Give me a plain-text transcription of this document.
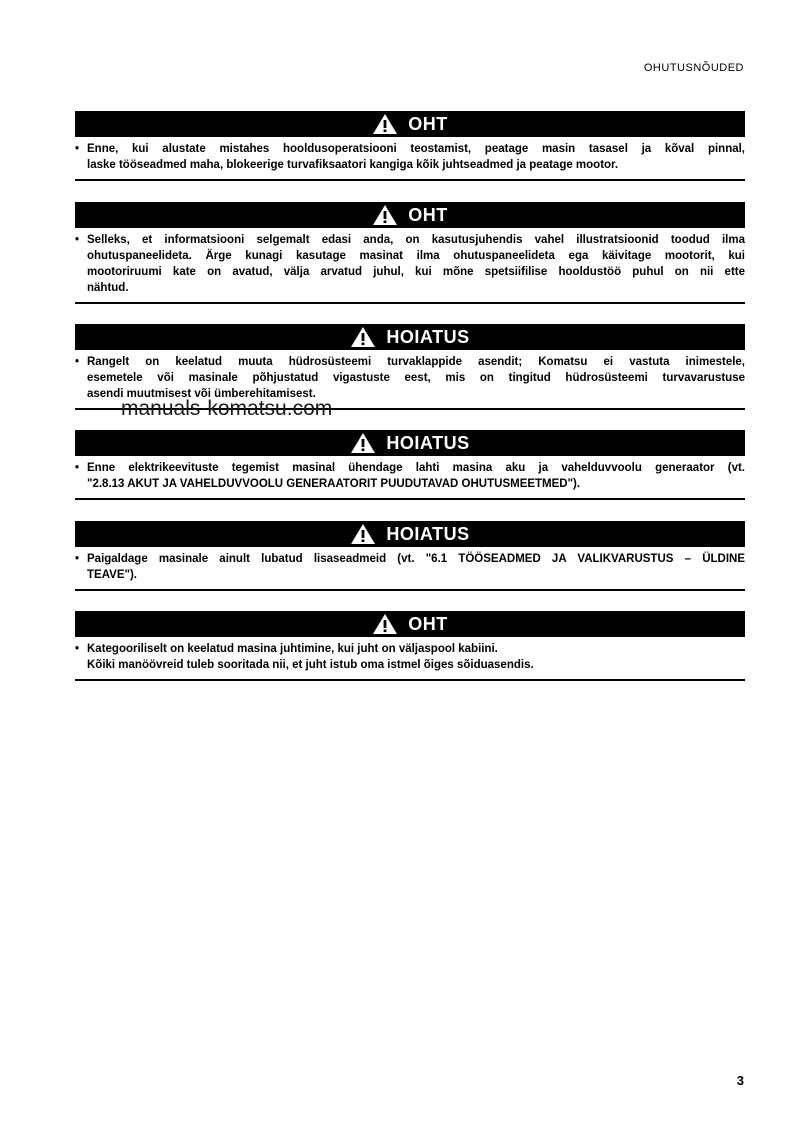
OHUTUSNÕUDED
OHT
• Enne, kui alustate mistahes hooldusoperatsiooni teostamist, peatage masin tasasel ja kõval pinnal,
laske tööseadmed maha, blokeerige turvafiksaatori kangiga kõik juhtseadmed ja peatage mootor.
OHT
• Selleks, et informatsiooni selgemalt edasi anda, on kasutusjuhendis vahel illustratsioonid toodud ilma
ohutuspaneelideta. Ärge kunagi kasutage masinat ilma ohutuspaneelideta ega käivitage mootorit, kui
mootoriruumi kate on avatud, välja arvatud juhul, kui mõne spetsiifilise hooldustöö puhul on nii ette
nähtud.
HOIATUS
• Rangelt on keelatud muuta hüdrosüsteemi turvaklappide asendit; Komatsu ei vastuta inimestele,
esemetele või masinale põhjustatud vigastuste eest, mis on tingitud hüdrosüsteemi turvavarustuse
asendi muutmisest või ümberehitamisest.
HOIATUS
• Enne elektrikeevituste tegemist masinal ühendage lahti masina aku ja vahelduvvoolu generaator (vt.
"2.8.13 AKUT JA VAHELDUVVOOLU GENERAATORIT PUUDUTAVAD OHUTUSMEETMED").
HOIATUS
• Paigaldage masinale ainult lubatud lisaseadmeid (vt. "6.1 TÖÖSEADMED JA VALIKVARUSTUS – ÜLDINE
TEAVE").
OHT
• Kategooriliselt on keelatud masina juhtimine, kui juht on väljaspool kabiini.
Kõiki manöövreid tuleb sooritada nii, et juht istub oma istmel õiges sõiduasendis.
manuals-komatsu.com
3
